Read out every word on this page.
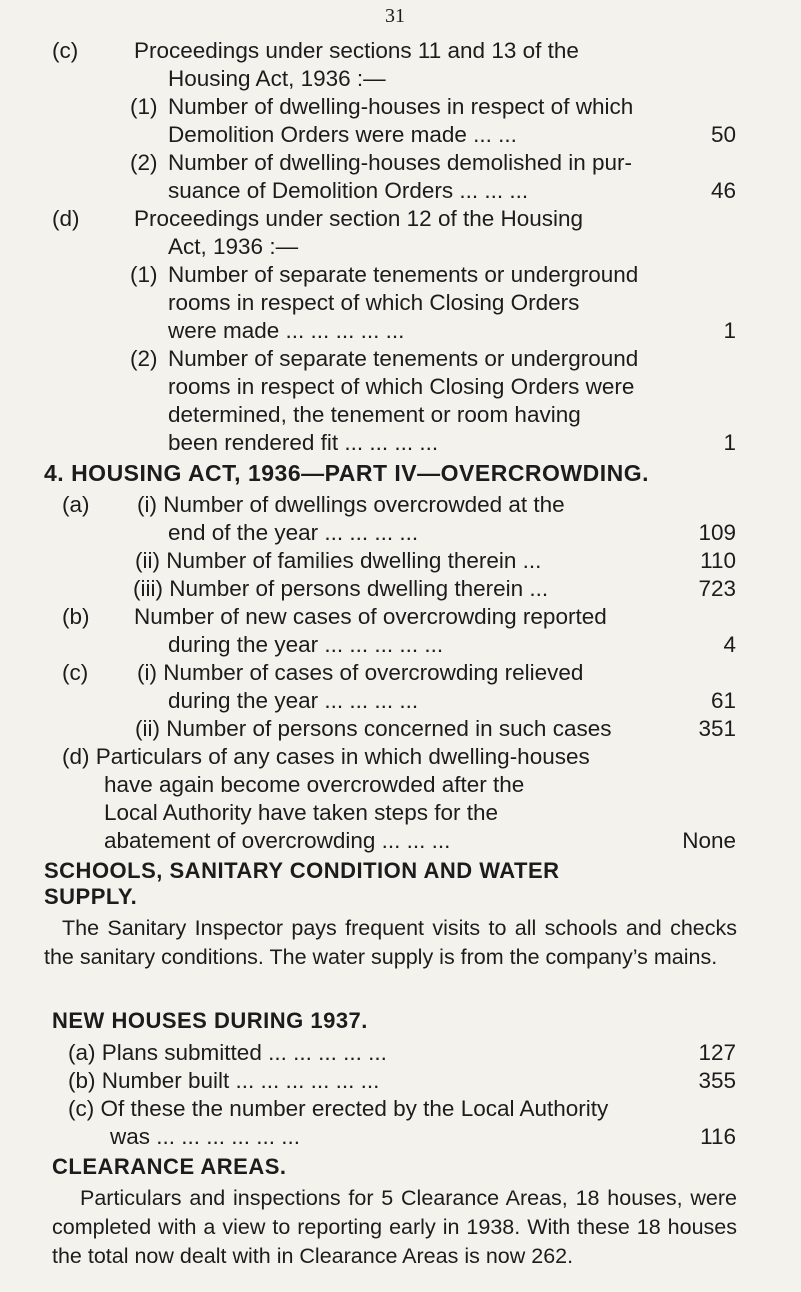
31
(c) Proceedings under sections 11 and 13 of the
Housing Act, 1936 :—
(1) Number of dwelling-houses in respect of which
Demolition Orders were made ... ...	50
(2) Number of dwelling-houses demolished in pur-
suance of Demolition Orders ... ... ...	46
(d) Proceedings under section 12 of the Housing
Act, 1936 :—
(1) Number of separate tenements or underground
rooms in respect of which Closing Orders
were made ... ... ... ... ...	1
(2) Number of separate tenements or underground
rooms in respect of which Closing Orders were
determined, the tenement or room having
been rendered fit ... ... ... ...	1
4. HOUSING ACT, 1936—PART IV—OVERCROWDING.
(a) (i) Number of dwellings overcrowded at the
end of the year ... ... ... ...	109
(ii) Number of families dwelling therein ...	110
(iii) Number of persons dwelling therein ...	723
(b) Number of new cases of overcrowding reported
during the year ... ... ... ... ...	4
(c) (i) Number of cases of overcrowding relieved
during the year ... ... ... ...	61
(ii) Number of persons concerned in such cases	351
(d) Particulars of any cases in which dwelling-houses
have again become overcrowded after the
Local Authority have taken steps for the
abatement of overcrowding ... ... ...	None
SCHOOLS, SANITARY CONDITION AND WATER
SUPPLY.
The Sanitary Inspector pays frequent visits to all schools and checks the sanitary conditions. The water supply is from the company’s mains.
NEW HOUSES DURING 1937.
(a) Plans submitted ... ... ... ... ...	127
(b) Number built ... ... ... ... ... ...	355
(c) Of these the number erected by the Local Authority
was ... ... ... ... ... ...	116
CLEARANCE AREAS.
Particulars and inspections for 5 Clearance Areas, 18 houses, were completed with a view to reporting early in 1938. With these 18 houses the total now dealt with in Clearance Areas is now 262.
